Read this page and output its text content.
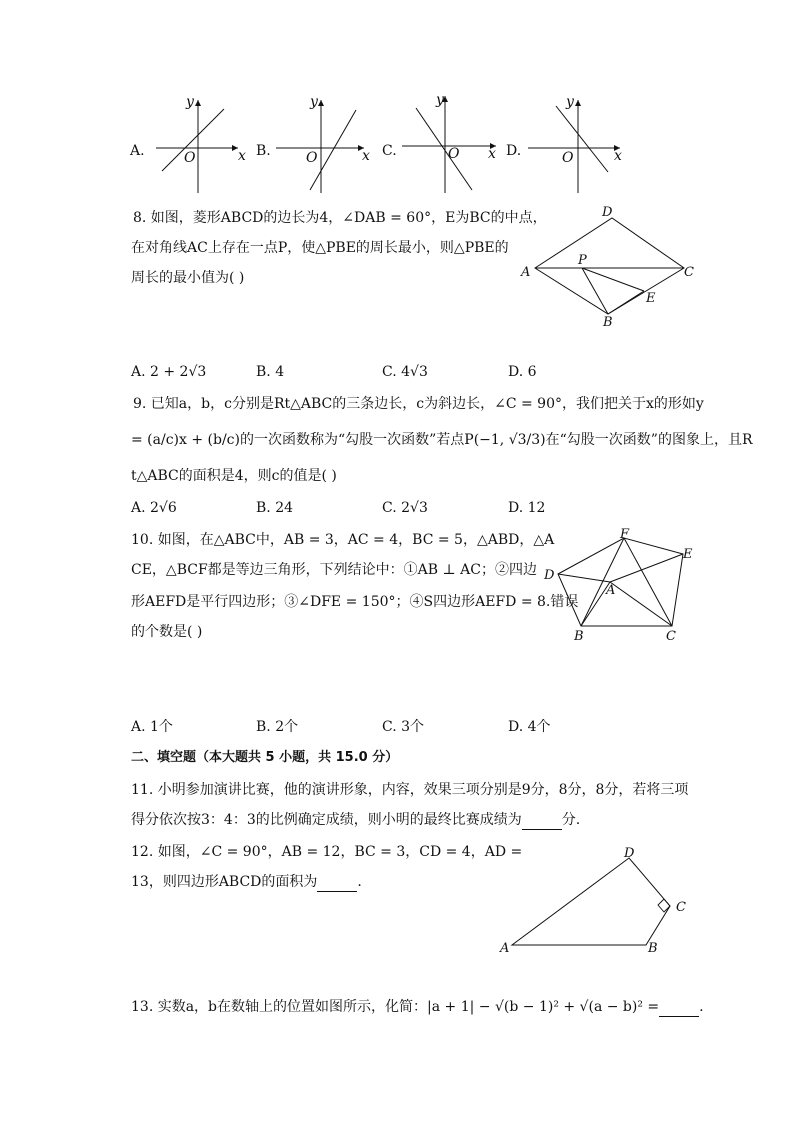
A.	x
y
O	B.	x
y
O	C.	x
y
O	D.	x
y
O
8. 如图，菱形ABCD的边长为4，∠DAB = 60°，E为BC的中点，
在对角线AC上存在一点P，使△PBE的周长最小，则△PBE的
周长的最小值为( )
D
A	C
P
E
B
A. 2 + 2√3	B. 4	C. 4√3	D. 6
9. 已知a，b，c分别是Rt△ABC的三条边长，c为斜边长，∠C = 90°，我们把关于x的形如y
= (a/c)x + (b/c)的一次函数称为“勾股一次函数”若点P(−1, √3/3)在“勾股一次函数”的图象上，且R
t△ABC的面积是4，则c的值是( )
A. 2√6	B. 24	C. 2√3	D. 12
10. 如图，在△ABC中，AB = 3，AC = 4，BC = 5，△ABD，△A
CE，△BCF都是等边三角形，下列结论中：①AB ⊥ AC；②四边
形AEFD是平行四边形；③∠DFE = 150°；④S四边形AEFD = 8.错误
的个数是( )
F
E
D
A
B	C
A. 1个	B. 2个	C. 3个	D. 4个
二、填空题（本大题共 5 小题，共 15.0 分）
11. 小明参加演讲比赛，他的演讲形象，内容，效果三项分别是9分，8分，8分，若将三项
得分依次按3：4：3的比例确定成绩，则小明的最终比赛成绩为	分.
12. 如图，∠C = 90°，AB = 12，BC = 3，CD = 4，AD =
13，则四边形ABCD的面积为	.
D
C
A	B
13. 实数a，b在数轴上的位置如图所示，化简：|a + 1| − √(b − 1)² + √(a − b)² =	.
